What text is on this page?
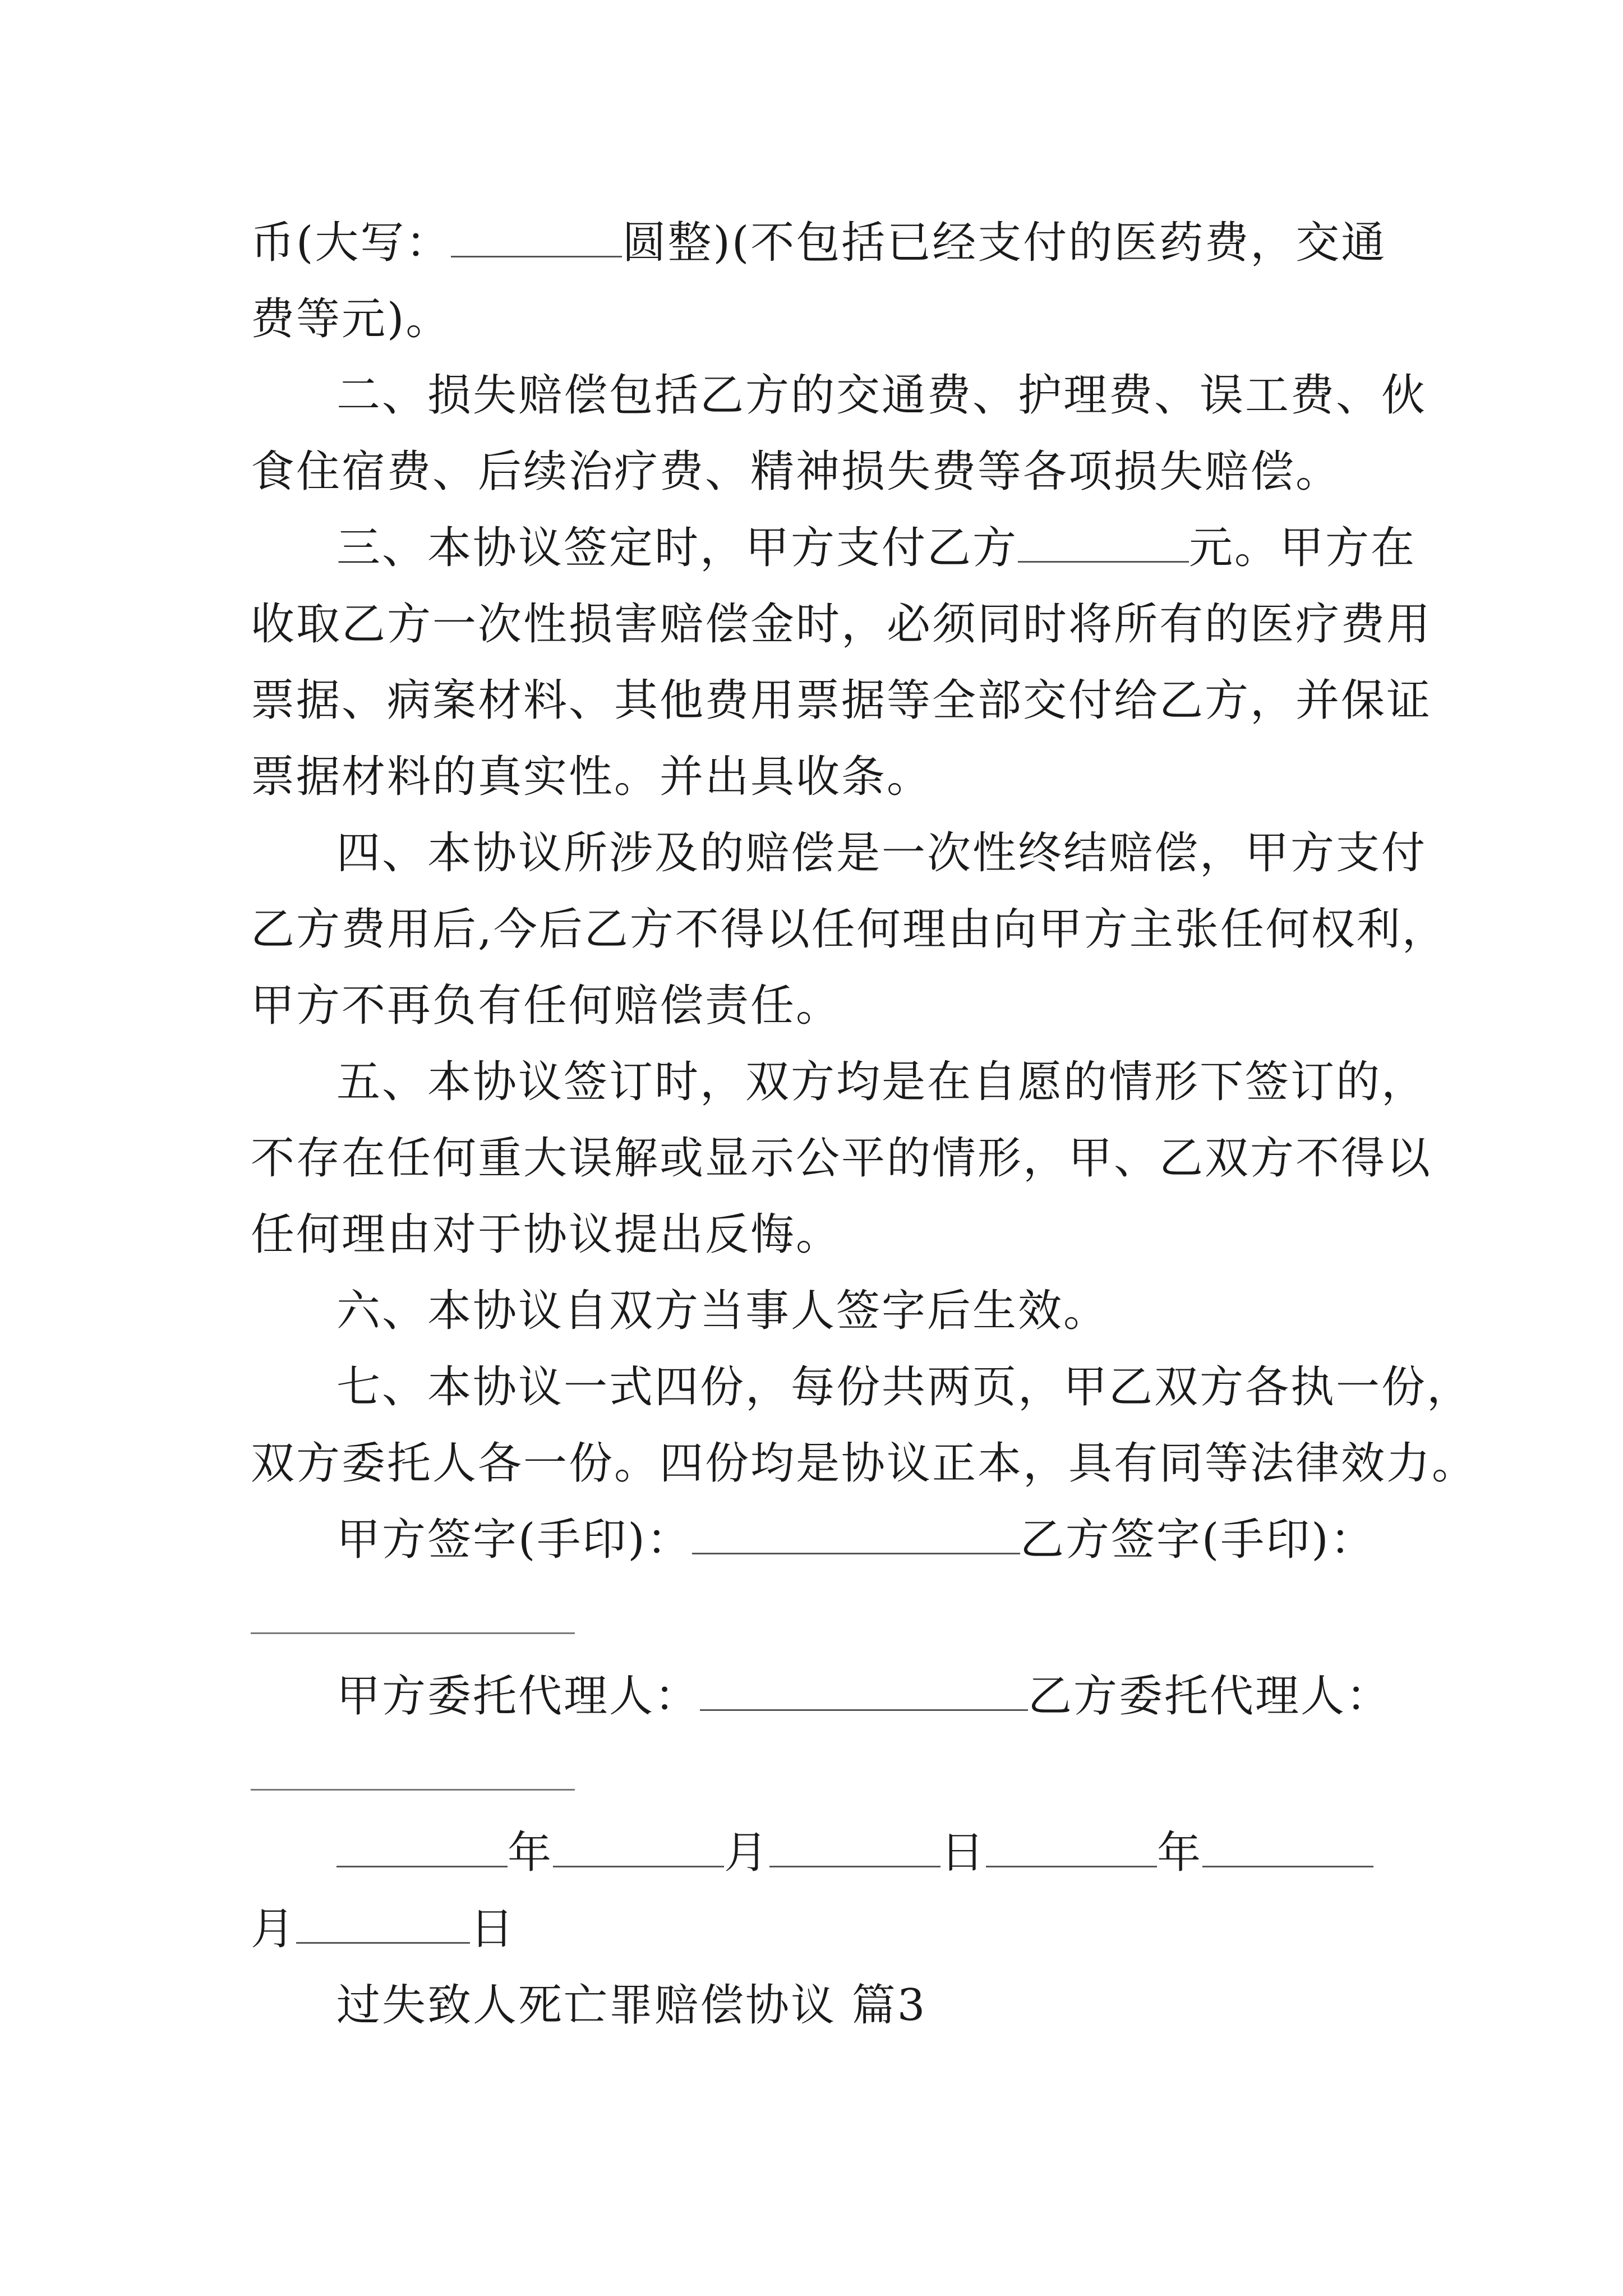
币(大写：	圆整)(不包括已经支付的医药费，交通
费等元)。
二、损失赔偿包括乙方的交通费、护理费、误工费、伙
食住宿费、后续治疗费、精神损失费等各项损失赔偿。
三、本协议签定时，甲方支付乙方	元。甲方在
收取乙方一次性损害赔偿金时，必须同时将所有的医疗费用
票据、病案材料、其他费用票据等全部交付给乙方，并保证
票据材料的真实性。并出具收条。
四、本协议所涉及的赔偿是一次性终结赔偿，甲方支付
乙方费用后,今后乙方不得以任何理由向甲方主张任何权利，
甲方不再负有任何赔偿责任。
五、本协议签订时，双方均是在自愿的情形下签订的，
不存在任何重大误解或显示公平的情形，甲、乙双方不得以
任何理由对于协议提出反悔。
六、本协议自双方当事人签字后生效。
七、本协议一式四份，每份共两页，甲乙双方各执一份，
双方委托人各一份。四份均是协议正本，具有同等法律效力。
甲方签字(手印)：	乙方签字(手印)：
甲方委托代理人：	乙方委托代理人：
年	月	日	年
月	日
过失致人死亡罪赔偿协议 篇3
